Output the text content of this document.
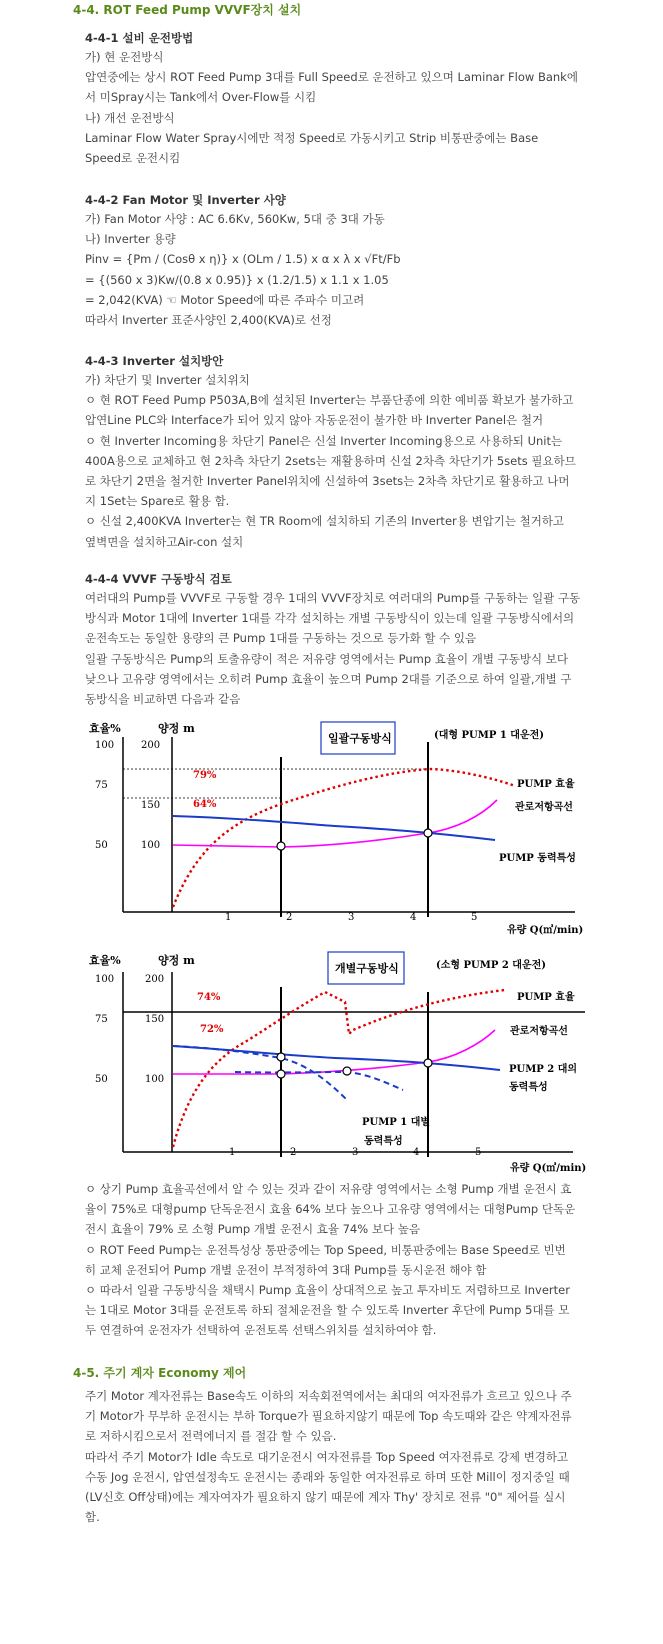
4-4. ROT Feed Pump VVVF장치 설치
4-4-1 설비 운전방법
가) 현 운전방식
압연중에는 상시 ROT Feed Pump 3대를 Full Speed로 운전하고 있으며 Laminar Flow Bank에
서 미Spray시는 Tank에서 Over-Flow를 시킴
나) 개선 운전방식
Laminar Flow Water Spray시에만 적정 Speed로 가동시키고 Strip 비통판중에는 Base
Speed로 운전시킴
4-4-2 Fan Motor 및 Inverter 사양
가) Fan Motor 사양 : AC 6.6Kv, 560Kw, 5대 중 3대 가동
나) Inverter 용량
Pinv = {Pm / (Cosθ x η)} x (OLm / 1.5) x α x λ x √Ft/Fb
= {(560 x 3)Kw/(0.8 x 0.95)} x (1.2/1.5) x 1.1 x 1.05
= 2,042(KVA) ☜ Motor Speed에 따른 주파수 미고려
따라서 Inverter 표준사양인 2,400(KVA)로 선정
4-4-3 Inverter 설치방안
가) 차단기 및 Inverter 설치위치
ㅇ 현 ROT Feed Pump P503A,B에 설치된 Inverter는 부품단종에 의한 예비품 확보가 불가하고
압연Line PLC와 Interface가 되어 있지 않아 자동운전이 불가한 바 Inverter Panel은 철거
ㅇ 현 Inverter Incoming용 차단기 Panel은 신설 Inverter Incoming용으로 사용하되 Unit는
400A용으로 교체하고 현 2차측 차단기 2sets는 재활용하며 신설 2차측 차단기가 5sets 필요하므
로 차단기 2면을 철거한 Inverter Panel위치에 신설하여 3sets는 2차측 차단기로 활용하고 나머
지 1Set는 Spare로 활용 함.
ㅇ 신설 2,400KVA Inverter는 현 TR Room에 설치하되 기존의 Inverter용 변압기는 철거하고
옆벽면을 설치하고Air-con 설치
4-4-4 VVVF 구동방식 검토
여러대의 Pump를 VVVF로 구동할 경우 1대의 VVVF장치로 여러대의 Pump를 구동하는 일괄 구동
방식과 Motor 1대에 Inverter 1대를 각각 설치하는 개별 구동방식이 있는데 일괄 구동방식에서의
운전속도는 동일한 용량의 큰 Pump 1대를 구동하는 것으로 등가화 할 수 있음
일괄 구동방식은 Pump의 토출유량이 적은 저유량 영역에서는 Pump 효율이 개별 구동방식 보다
낮으나 고유량 영역에서는 오히려 Pump 효율이 높으며 Pump 2대를 기준으로 하여 일괄,개별 구
동방식을 비교하면 다음과 같음
효율%	양정 m
100
75
50
200
150
100
79%
64%
일괄구동방식	(대형 PUMP 1 대운전)
PUMP 효율
관로저항곡선
PUMP 동력특성
1	2	3	4	5
유량 Q(㎥/min)
효율%	양정 m
100
75
50
200
150
100
74%
72%
개별구동방식	(소형 PUMP 2 대운전)
PUMP 효율
관로저항곡선
PUMP 2 대의
동력특성
PUMP 1 대별
동력특성
1	2	3	4	5
유량 Q(㎥/min)
ㅇ 상기 Pump 효율곡선에서 알 수 있는 것과 같이 저유량 영역에서는 소형 Pump 개별 운전시 효
율이 75%로 대형pump 단독운전시 효율 64% 보다 높으나 고유량 영역에서는 대형Pump 단독운
전시 효율이 79% 로 소형 Pump 개별 운전시 효율 74% 보다 높음
ㅇ ROT Feed Pump는 운전특성상 통판중에는 Top Speed, 비통판중에는 Base Speed로 빈번
히 교체 운전되어 Pump 개별 운전이 부적정하여 3대 Pump를 동시운전 해야 함
ㅇ 따라서 일괄 구동방식을 채택시 Pump 효율이 상대적으로 높고 투자비도 저렴하므로 Inverter
는 1대로 Motor 3대를 운전토록 하되 절체운전을 할 수 있도록 Inverter 후단에 Pump 5대를 모
두 연결하여 운전자가 선택하여 운전토록 선택스위치를 설치하여야 함.
4-5. 주기 계자 Economy 제어
주기 Motor 계자전류는 Base속도 이하의 저속회전역에서는 최대의 여자전류가 흐르고 있으나 주
기 Motor가 무부하 운전시는 부하 Torque가 필요하지않기 때문에 Top 속도때와 같은 약계자전류
로 저하시킴으로서 전력에너지 를 절감 할 수 있음.
따라서 주기 Motor가 Idle 속도로 대기운전시 여자전류를 Top Speed 여자전류로 강제 변경하고
수동 Jog 운전시, 압연설정속도 운전시는 종래와 동일한 여자전류로 하며 또한 Mill이 정지중일 때
(LV신호 Off상태)에는 계자여자가 필요하지 않기 때문에 계자 Thy' 장치로 전류 "0" 제어를 실시
함.
